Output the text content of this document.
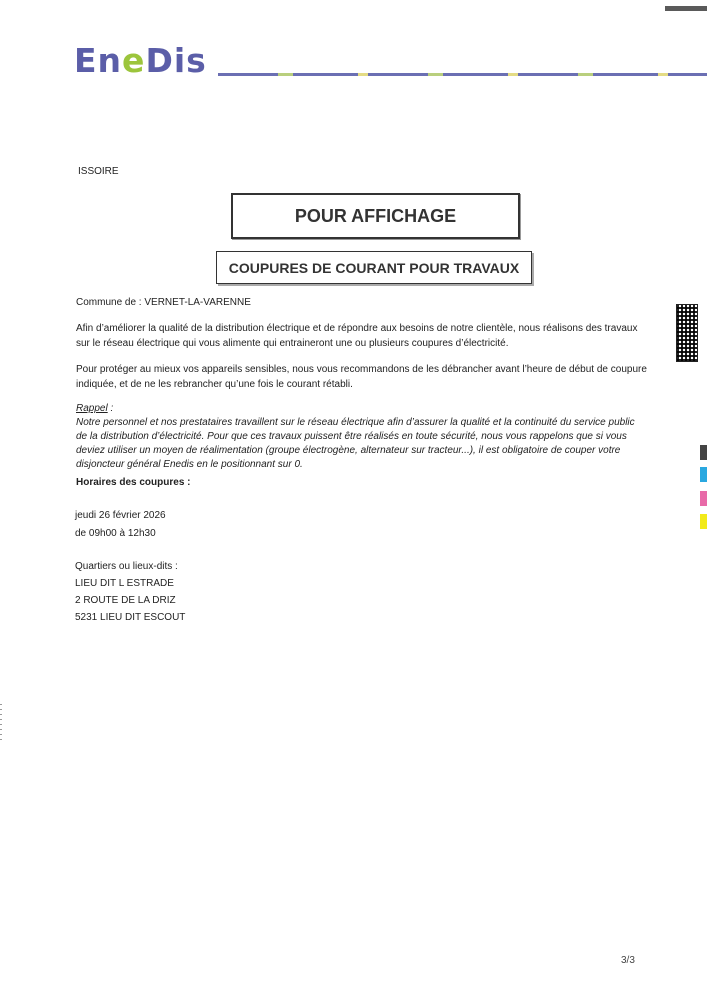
EneDis
ISSOIRE
POUR AFFICHAGE
COUPURES DE COURANT POUR TRAVAUX
Commune de : VERNET-LA-VARENNE
Afin d’améliorer la qualité de la distribution électrique et de répondre aux besoins de notre clientèle, nous réalisons des travaux sur le réseau électrique qui vous alimente qui entraineront une ou plusieurs coupures d’électricité.
Pour protéger au mieux vos appareils sensibles, nous vous recommandons de les débrancher avant l’heure de début de coupure indiquée, et de ne les rebrancher qu’une fois le courant rétabli.
Rappel :
Notre personnel et nos prestataires travaillent sur le réseau électrique afin d’assurer la qualité et la continuité du service public de la distribution d’électricité. Pour que ces travaux puissent être réalisés en toute sécurité, nous vous rappelons que si vous deviez utiliser un moyen de réalimentation (groupe électrogène, alternateur sur tracteur...), il est obligatoire de couper votre disjoncteur général Enedis en le positionnant sur 0.
Horaires des coupures :
jeudi 26 février 2026
de 09h00 à 12h30
Quartiers ou lieux-dits :
LIEU DIT L ESTRADE
2 ROUTE DE LA DRIZ
5231 LIEU DIT ESCOUT
3/3
